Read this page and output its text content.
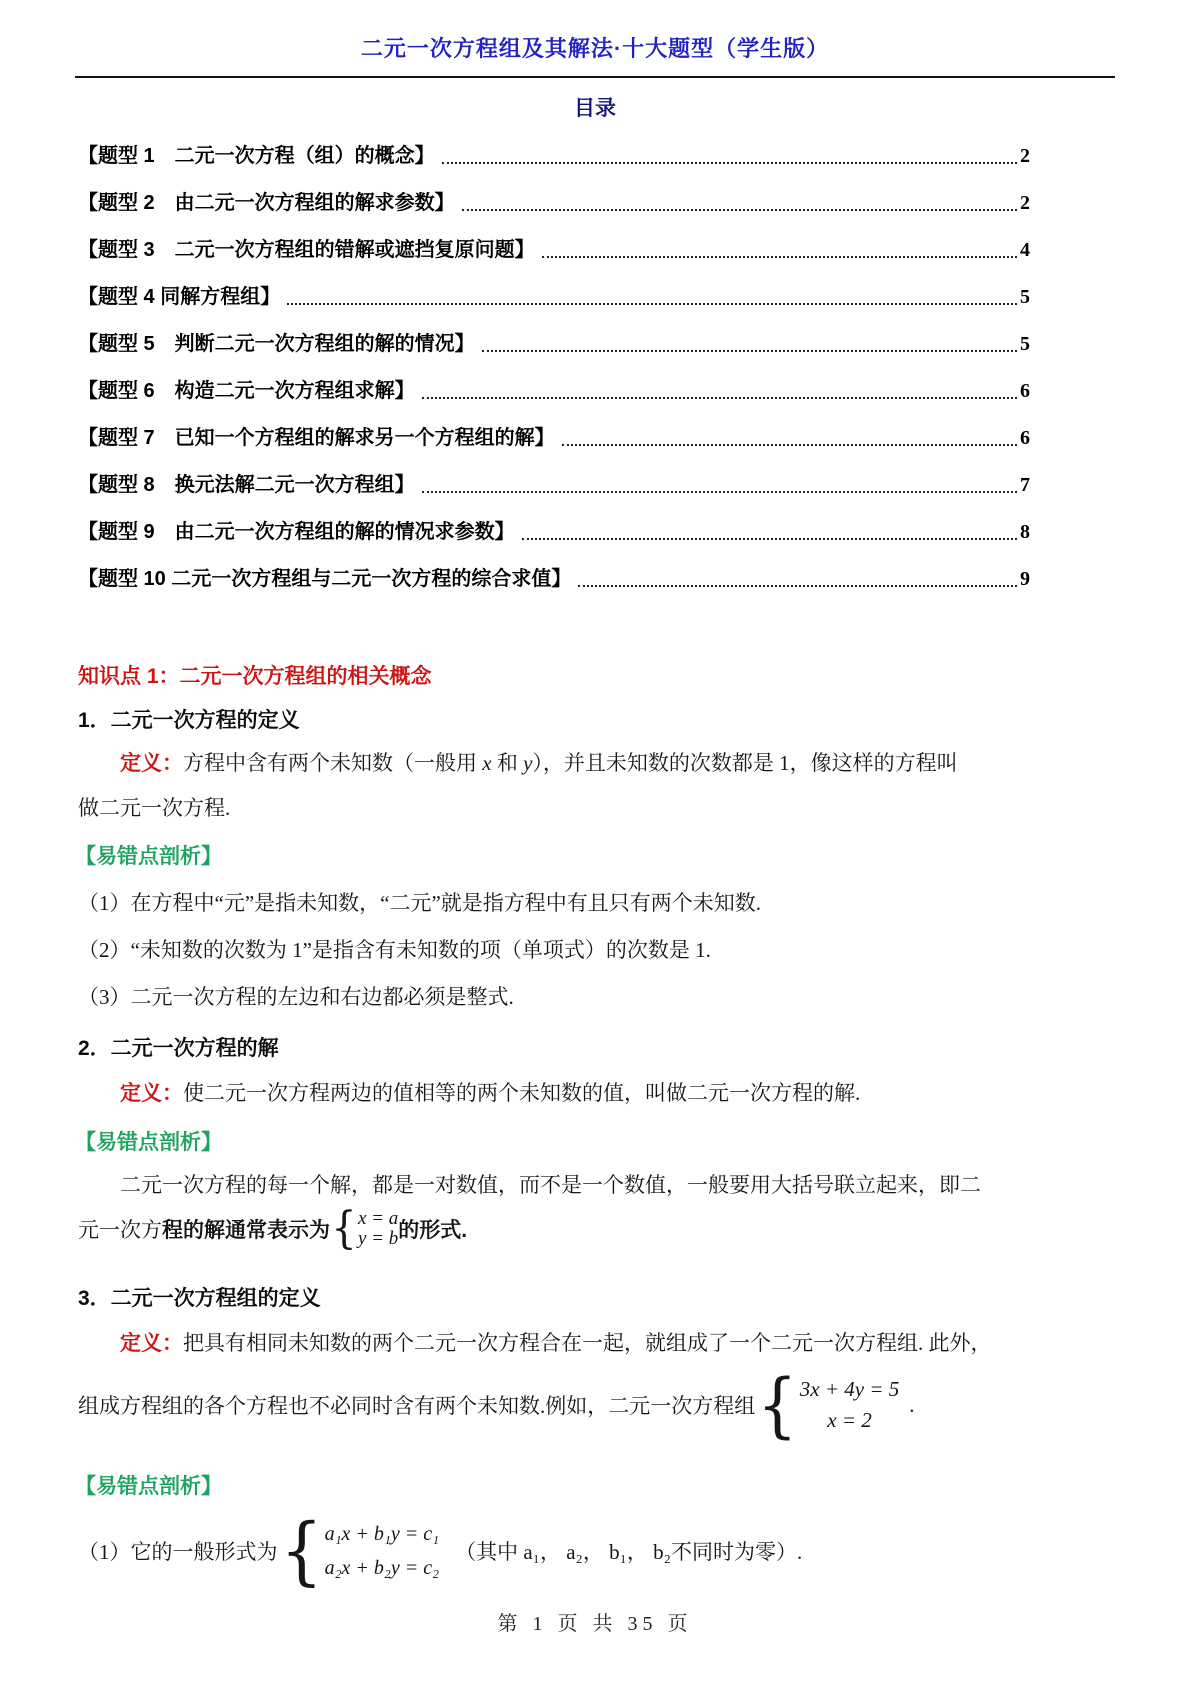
二元一次方程组及其解法·十大题型（学生版）
目录
【题型 1　二元一次方程（组）的概念】	2
【题型 2　由二元一次方程组的解求参数】	2
【题型 3　二元一次方程组的错解或遮挡复原问题】	4
【题型 4 同解方程组】	5
【题型 5　判断二元一次方程组的解的情况】	5
【题型 6　构造二元一次方程组求解】	6
【题型 7　已知一个方程组的解求另一个方程组的解】	6
【题型 8　换元法解二元一次方程组】	7
【题型 9　由二元一次方程组的解的情况求参数】	8
【题型 10 二元一次方程组与二元一次方程的综合求值】	9
知识点 1：二元一次方程组的相关概念
1．二元一次方程的定义
定义：方程中含有两个未知数（一般用 x 和 y），并且未知数的次数都是 1，像这样的方程叫
做二元一次方程.
【易错点剖析】
（1）在方程中“元”是指未知数，“二元”就是指方程中有且只有两个未知数.
（2）“未知数的次数为 1”是指含有未知数的项（单项式）的次数是 1.
（3）二元一次方程的左边和右边都必须是整式.
2．二元一次方程的解
定义：使二元一次方程两边的值相等的两个未知数的值，叫做二元一次方程的解.
【易错点剖析】
二元一次方程的每一个解，都是一对数值，而不是一个数值，一般要用大括号联立起来，即二
元一次方 程的解通常表示为 { x = a
y = b 的形式.
3．二元一次方程组的定义
定义：把具有相同未知数的两个二元一次方程合在一起，就组成了一个二元一次方程组. 此外，
组成方程组的各个方程也不必同时含有两个未知数.例如，二元一次方程组 { 3x + 4y = 5
x = 2
.
【易错点剖析】
（1）它的一般形式为 { a₁x + b₁y = c₁
a₂x + b₂y = c₂
（其中 a₁， a₂， b₁， b₂不同时为零）.
第 1 页 共 35 页
